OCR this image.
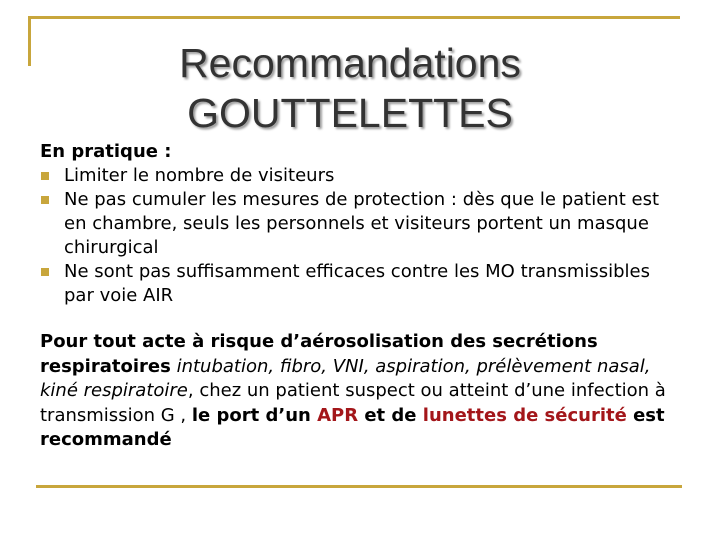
Recommandations
GOUTTELETTES
En pratique :
Limiter le nombre de visiteurs
Ne pas cumuler les mesures de protection : dès que le patient est en chambre, seuls les personnels et visiteurs portent un masque chirurgical
Ne sont pas suffisamment efficaces contre les MO transmissibles par voie AIR
Pour tout acte à risque d’aérosolisation des secrétions respiratoires intubation, fibro, VNI, aspiration, prélèvement nasal, kiné respiratoire, chez un patient suspect ou atteint d’une infection à transmission G , le port d’un APR et de lunettes de sécurité est recommandé
